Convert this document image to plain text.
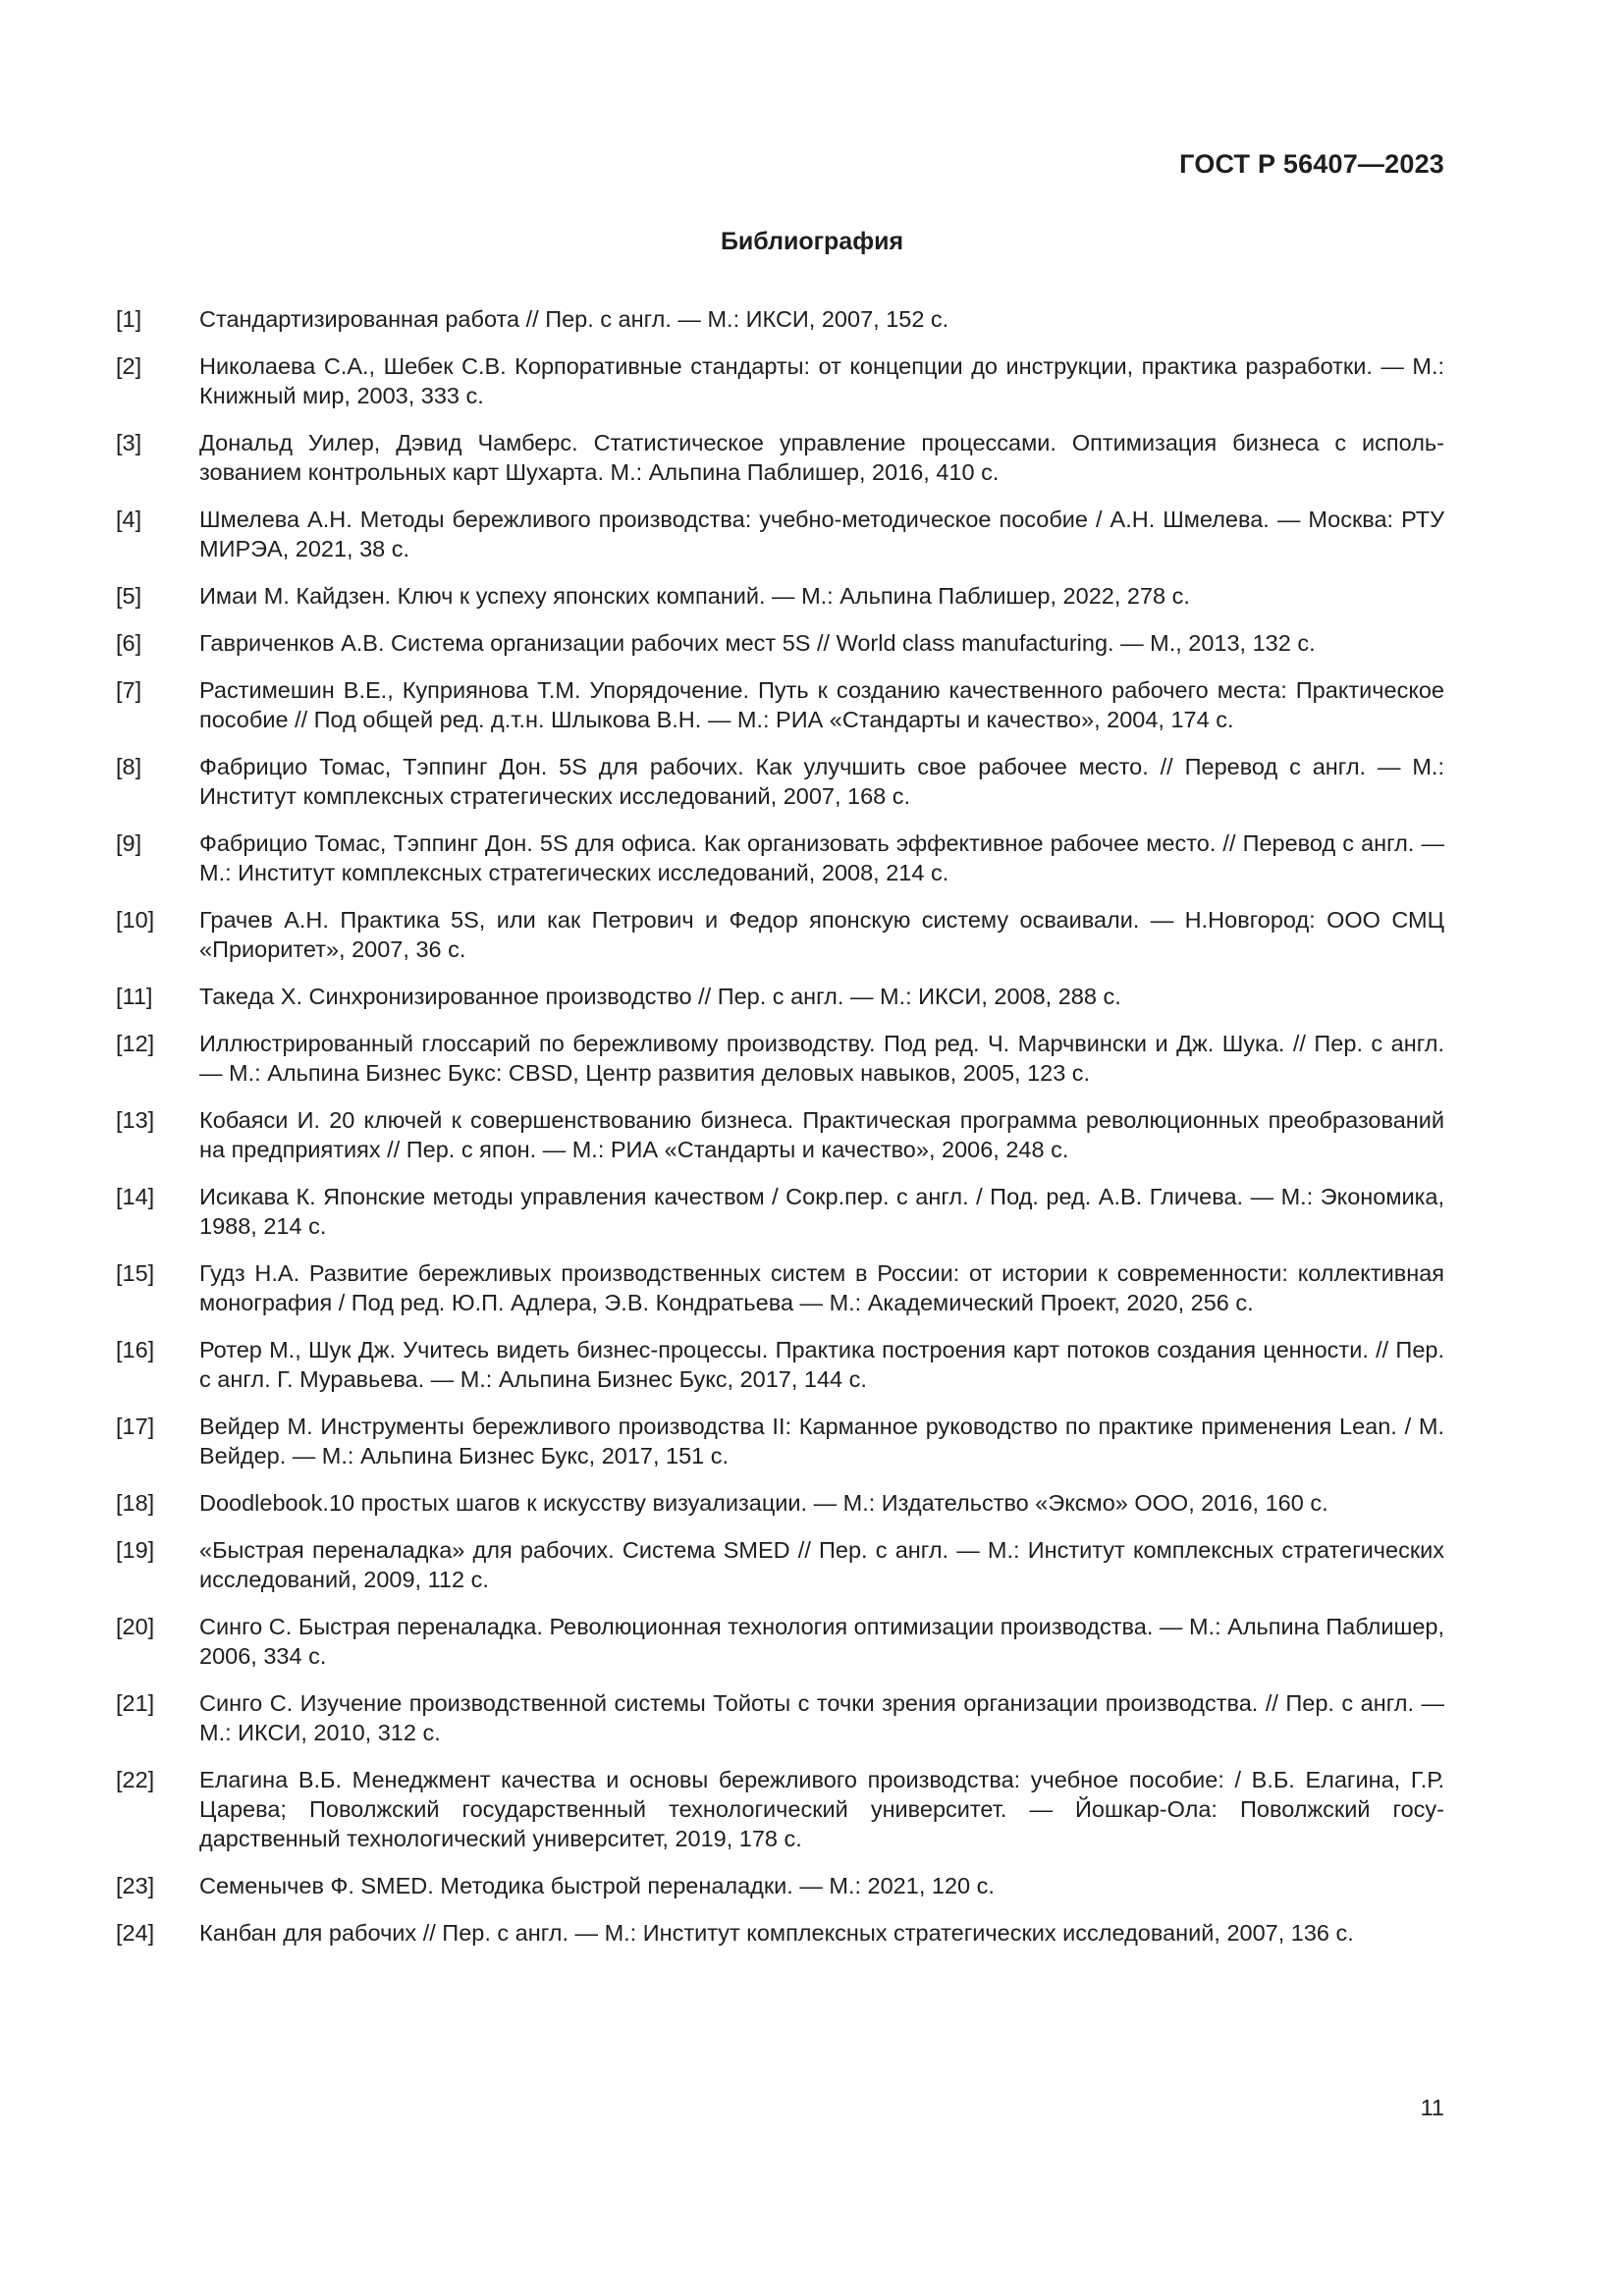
ГОСТ Р 56407—2023
Библиография
[1]	Стандартизированная работа // Пер. с англ. — М.: ИКСИ, 2007, 152 с.
[2]	Николаева С.А., Шебек С.В. Корпоративные стандарты: от концепции до инструкции, практика разработки. — М.: Книжный мир, 2003, 333 с.
[3]	Дональд Уилер, Дэвид Чамберс. Статистическое управление процессами. Оптимизация бизнеса с использованием контрольных карт Шухарта. М.: Альпина Паблишер, 2016, 410 с.
[4]	Шмелева А.Н. Методы бережливого производства: учебно-методическое пособие / А.Н. Шмелева. — Москва: РТУ МИРЭА, 2021, 38 с.
[5]	Имаи М. Кайдзен. Ключ к успеху японских компаний. — М.: Альпина Паблишер, 2022, 278 с.
[6]	Гавриченков А.В. Система организации рабочих мест 5S // World class manufacturing. — М., 2013, 132 с.
[7]	Растимешин В.Е., Куприянова Т.М. Упорядочение. Путь к созданию качественного рабочего места: Практическое пособие // Под общей ред. д.т.н. Шлыкова В.Н. — М.: РИА «Стандарты и качество», 2004, 174 с.
[8]	Фабрицио Томас, Тэппинг Дон. 5S для рабочих. Как улучшить свое рабочее место. // Перевод с англ. — М.: Институт комплексных стратегических исследований, 2007, 168 с.
[9]	Фабрицио Томас, Тэппинг Дон. 5S для офиса. Как организовать эффективное рабочее место. // Перевод с англ. — М.: Институт комплексных стратегических исследований, 2008, 214 с.
[10]	Грачев А.Н. Практика 5S, или как Петрович и Федор японскую систему осваивали. — Н.Новгород: ООО СМЦ «Приоритет», 2007, 36 с.
[11]	Такеда Х. Синхронизированное производство // Пер. с англ. — М.: ИКСИ, 2008, 288 с.
[12]	Иллюстрированный глоссарий по бережливому производству. Под ред. Ч. Марчвински и Дж. Шука. // Пер. с англ. — М.: Альпина Бизнес Букс: CBSD, Центр развития деловых навыков, 2005, 123 с.
[13]	Кобаяси И. 20 ключей к совершенствованию бизнеса. Практическая программа революционных преобразований на предприятиях // Пер. с япон. — М.: РИА «Стандарты и качество», 2006, 248 с.
[14]	Исикава К. Японские методы управления качеством / Сокр.пер. с англ. / Под. ред. А.В. Гличева. — М.: Экономика, 1988, 214 с.
[15]	Гудз Н.А. Развитие бережливых производственных систем в России: от истории к современности: коллективная монография / Под ред. Ю.П. Адлера, Э.В. Кондратьева — М.: Академический Проект, 2020, 256 с.
[16]	Ротер М., Шук Дж. Учитесь видеть бизнес-процессы. Практика построения карт потоков создания ценности. // Пер. с англ. Г. Муравьева. — М.: Альпина Бизнес Букс, 2017, 144 с.
[17]	Вейдер М. Инструменты бережливого производства II: Карманное руководство по практике применения Lean. / М. Вейдер. — М.: Альпина Бизнес Букс, 2017, 151 с.
[18]	Doodlebook.10 простых шагов к искусству визуализации. — М.: Издательство «Эксмо» ООО, 2016, 160 с.
[19]	«Быстрая переналадка» для рабочих. Система SMED // Пер. с англ. — М.: Институт комплексных стратегических исследований, 2009, 112 с.
[20]	Синго С. Быстрая переналадка. Революционная технология оптимизации производства. — М.: Альпина Паблишер, 2006, 334 с.
[21]	Синго С. Изучение производственной системы Тойоты с точки зрения организации производства. // Пер. с англ. — М.: ИКСИ, 2010, 312 с.
[22]	Елагина В.Б. Менеджмент качества и основы бережливого производства: учебное пособие: / В.Б. Елагина, Г.Р. Царева; Поволжский государственный технологический университет. — Йошкар-Ола: Поволжский государственный технологический университет, 2019, 178 с.
[23]	Семенычев Ф. SMED. Методика быстрой переналадки. — М.: 2021, 120 с.
[24]	Канбан для рабочих // Пер. с англ. — М.: Институт комплексных стратегических исследований, 2007, 136 с.
11
